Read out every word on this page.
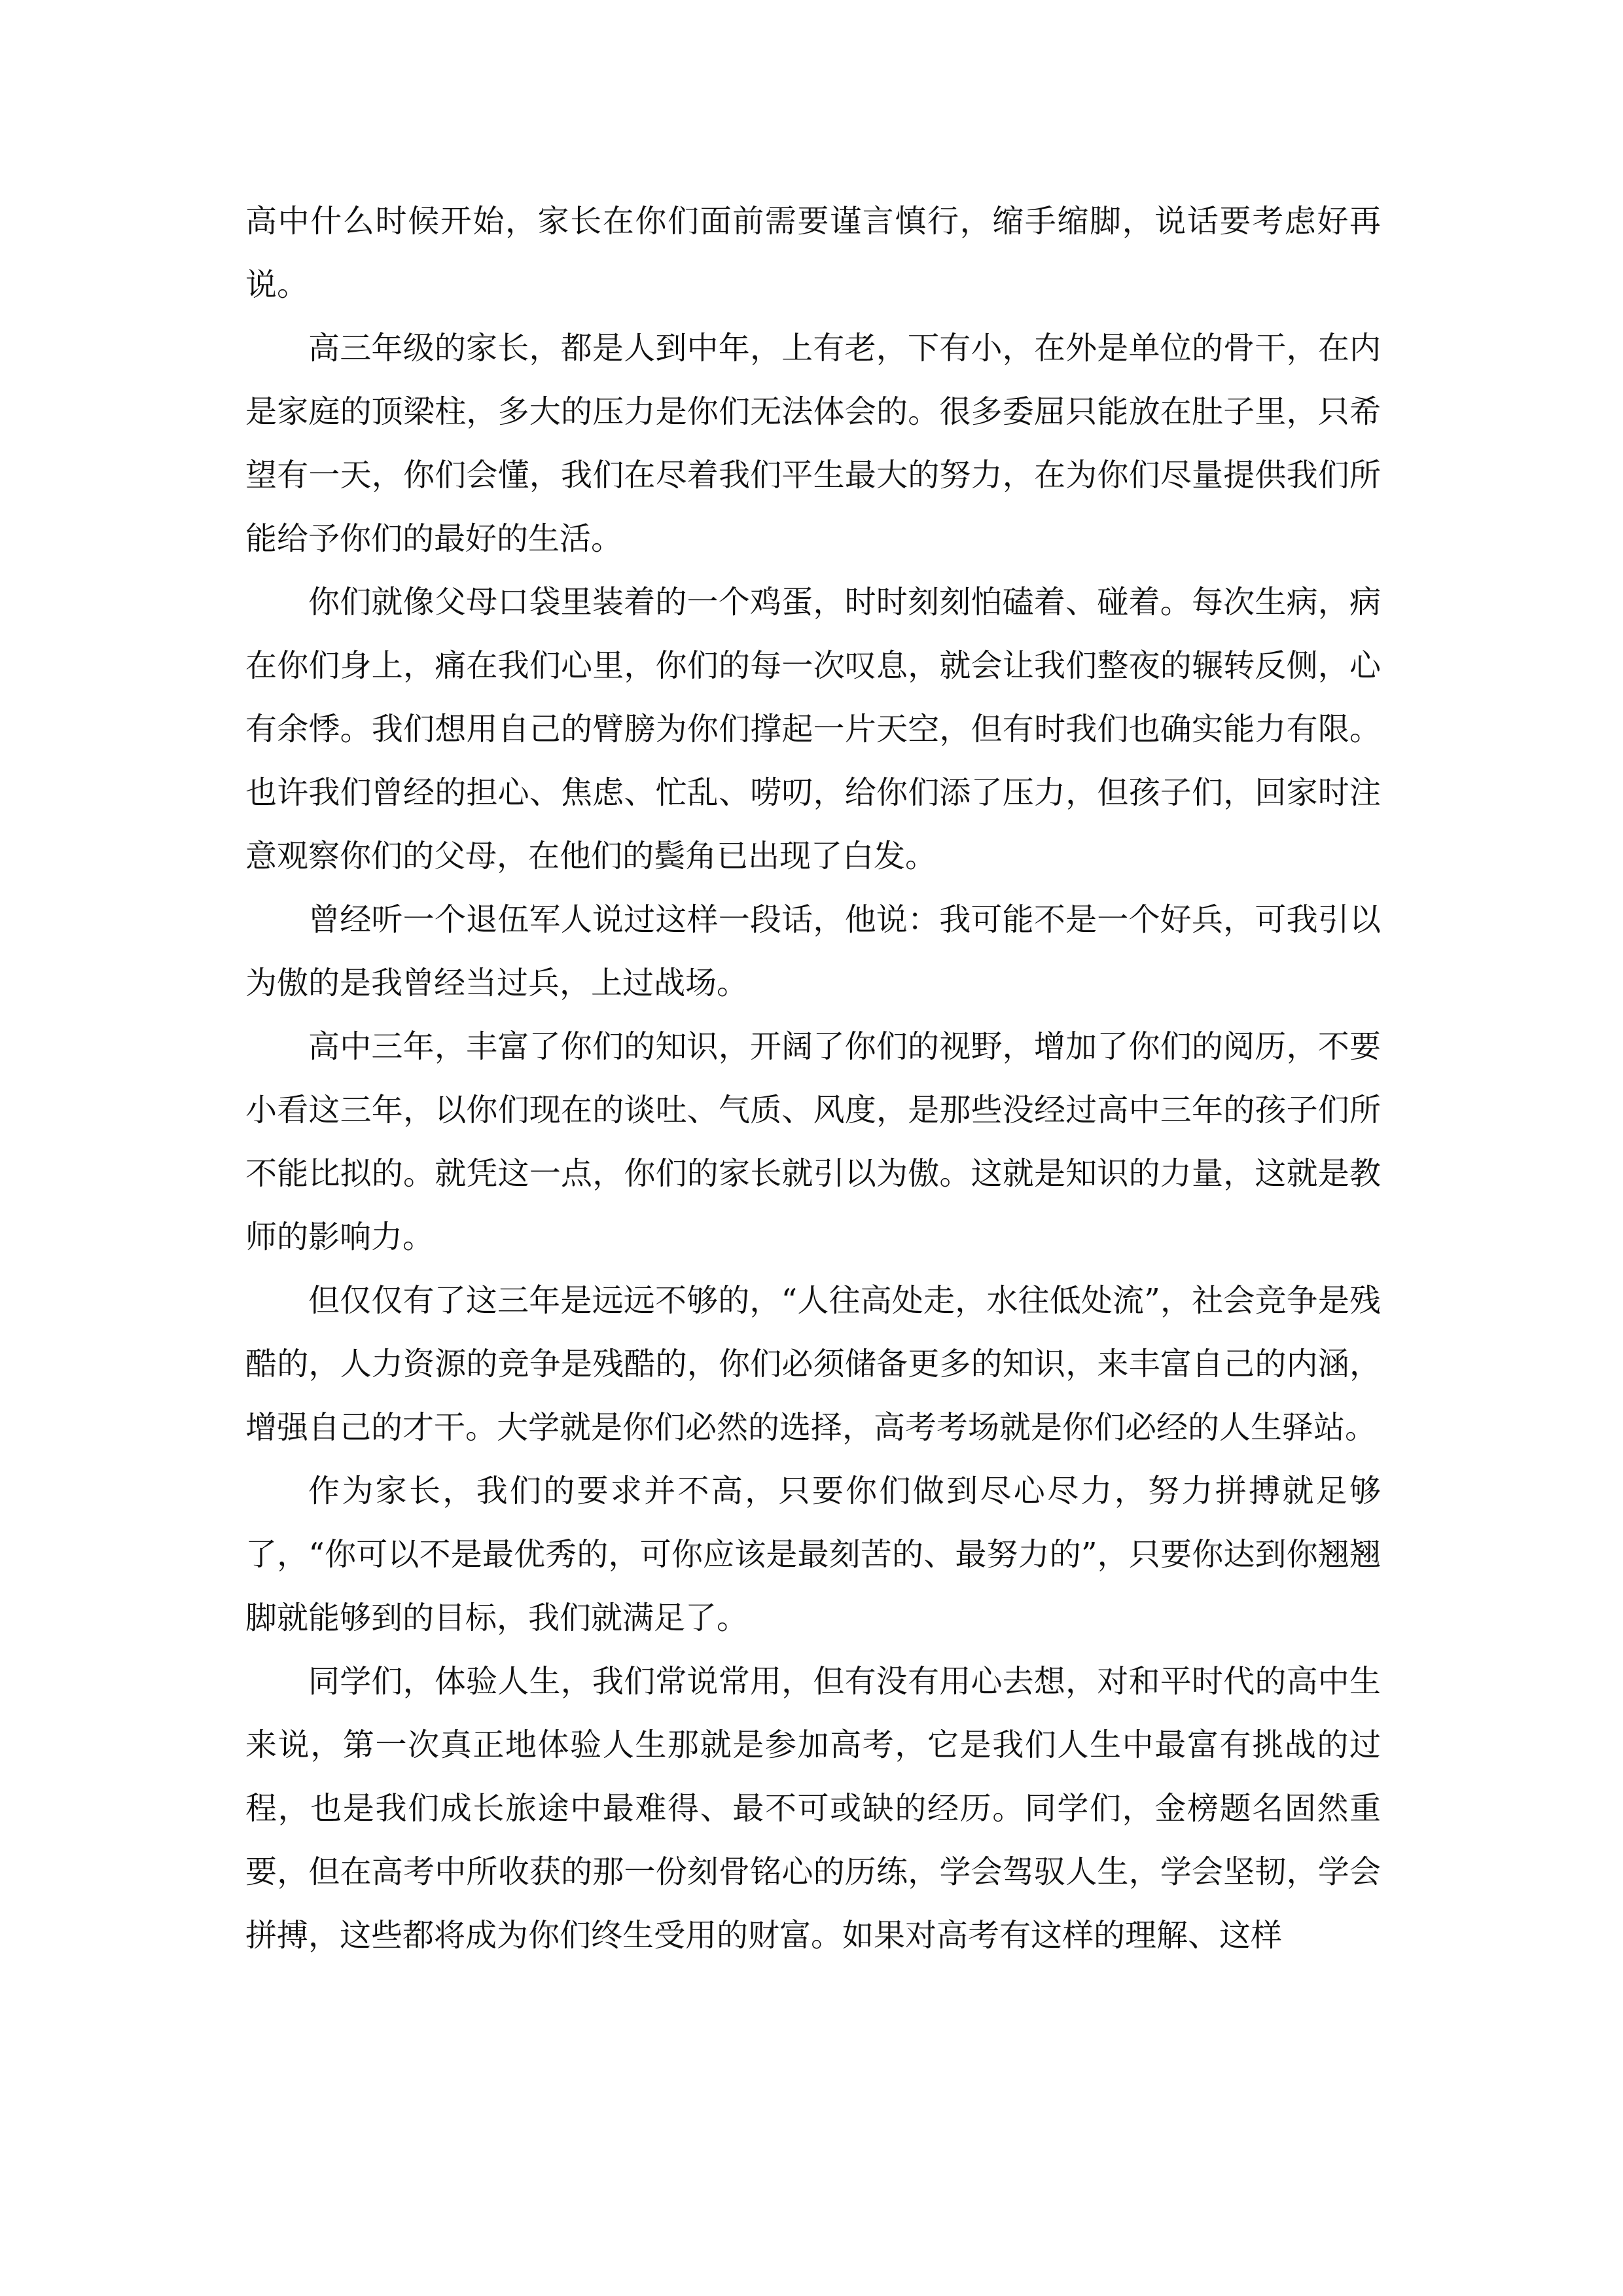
高中什么时候开始，家长在你们面前需要谨言慎行，缩手缩脚，说话要考虑好再说。

高三年级的家长，都是人到中年，上有老，下有小，在外是单位的骨干，在内是家庭的顶梁柱，多大的压力是你们无法体会的。很多委屈只能放在肚子里，只希望有一天，你们会懂，我们在尽着我们平生最大的努力，在为你们尽量提供我们所能给予你们的最好的生活。

你们就像父母口袋里装着的一个鸡蛋，时时刻刻怕磕着、碰着。每次生病，病在你们身上，痛在我们心里，你们的每一次叹息，就会让我们整夜的辗转反侧，心有余悸。我们想用自己的臂膀为你们撑起一片天空，但有时我们也确实能力有限。也许我们曾经的担心、焦虑、忙乱、唠叨，给你们添了压力，但孩子们，回家时注意观察你们的父母，在他们的鬓角已出现了白发。

曾经听一个退伍军人说过这样一段话，他说：我可能不是一个好兵，可我引以为傲的是我曾经当过兵，上过战场。

高中三年，丰富了你们的知识，开阔了你们的视野，增加了你们的阅历，不要小看这三年，以你们现在的谈吐、气质、风度，是那些没经过高中三年的孩子们所不能比拟的。就凭这一点，你们的家长就引以为傲。这就是知识的力量，这就是教师的影响力。

但仅仅有了这三年是远远不够的，“人往高处走，水往低处流”，社会竞争是残酷的，人力资源的竞争是残酷的，你们必须储备更多的知识，来丰富自己的内涵，增强自己的才干。大学就是你们必然的选择，高考考场就是你们必经的人生驿站。

作为家长，我们的要求并不高，只要你们做到尽心尽力，努力拼搏就足够了，“你可以不是最优秀的，可你应该是最刻苦的、最努力的”，只要你达到你翘翘脚就能够到的目标，我们就满足了。

同学们，体验人生，我们常说常用，但有没有用心去想，对和平时代的高中生来说，第一次真正地体验人生那就是参加高考，它是我们人生中最富有挑战的过程，也是我们成长旅途中最难得、最不可或缺的经历。同学们，金榜题名固然重要，但在高考中所收获的那一份刻骨铭心的历练，学会驾驭人生，学会坚韧，学会拼搏，这些都将成为你们终生受用的财富。如果对高考有这样的理解、这样
